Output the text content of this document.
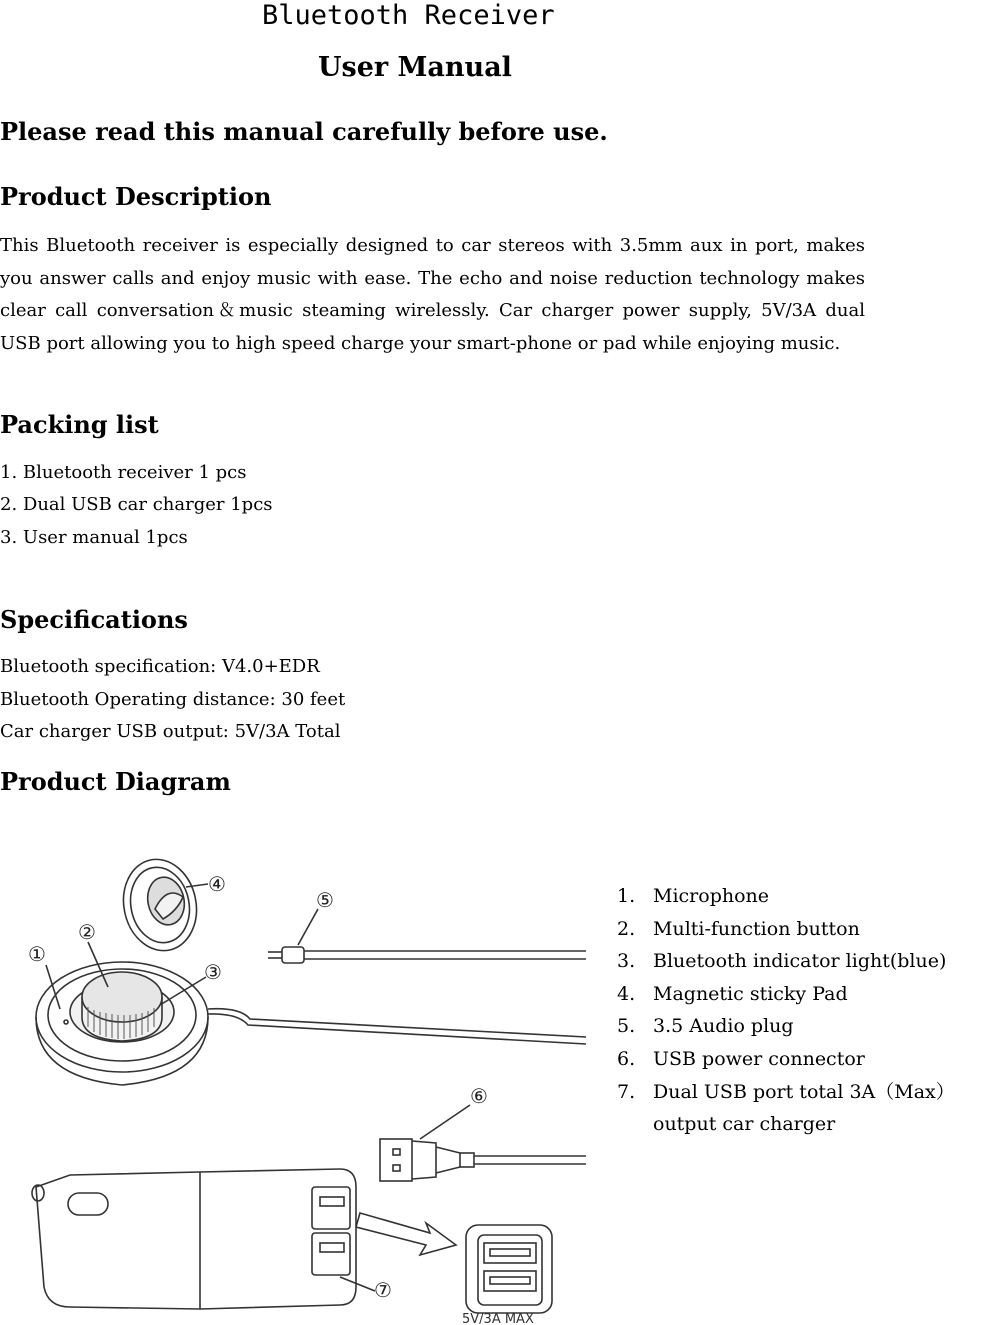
Bluetooth Receiver
User Manual
Please read this manual carefully before use.
Product Description
This Bluetooth receiver is especially designed to car stereos with 3.5mm aux in port, makes you answer calls and enjoy music with ease. The echo and noise reduction technology makes clear call conversation＆music steaming wirelessly. Car charger power supply, 5V/3A dual USB port allowing you to high speed charge your smart-phone or pad while enjoying music.
Packing list
1. Bluetooth receiver 1 pcs
2. Dual USB car charger 1pcs
3. User manual 1pcs
Specifications
Bluetooth specification: V4.0+EDR
Bluetooth Operating distance: 30 feet
Car charger USB output: 5V/3A Total
Product Diagram
④
①
②
③
⑤
⑥
⑦
5V/3A MAX
1. Microphone
2. Multi-function button
3. Bluetooth indicator light(blue)
4. Magnetic sticky Pad
5. 3.5 Audio plug
6. USB power connector
7. Dual USB port total 3A（Max）output car charger
